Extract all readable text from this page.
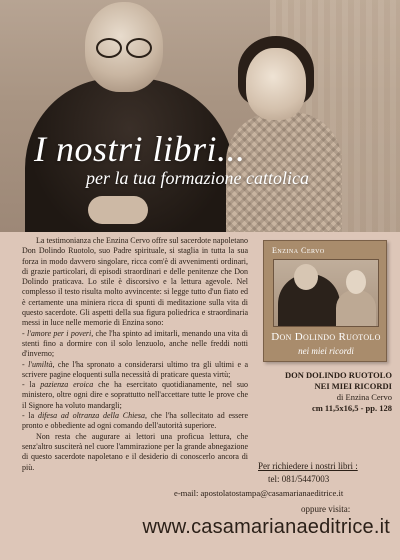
I nostri libri...
per la tua formazione cattolica

La testimonianza che Enzina Cervo offre sul sacerdote napoletano Don Dolindo Ruotolo, suo Padre spirituale, si staglia in tutta la sua forza in modo davvero singolare, ricca com'è di avvenimenti ordinari, di grazie particolari, di episodi straordinari e delle penitenze che Don Dolindo praticava. Lo stile è discorsivo e la lettura agevole. Nel complesso il testo risulta molto avvincente: si legge tutto d'un fiato ed è certamente una miniera ricca di spunti di meditazione sulla vita di questo sacerdote. Gli aspetti della sua figura poliedrica e straordinaria messi in luce nelle memorie di Enzina sono:

- l'amore per i poveri, che l'ha spinto ad imitarli, menando una vita di stenti fino a dormire con il solo lenzuolo, anche nelle freddi notti d'inverno;

- l'umiltà, che l'ha spronato a considerarsi ultimo tra gli ultimi e a scrivere pagine eloquenti sulla necessità di praticare questa virtù;

- la pazienza eroica che ha esercitato quotidianamente, nel suo ministero, oltre ogni dire e soprattutto nell'accettare tutte le prove che il Signore ha voluto mandargli;

- la difesa ad oltranza della Chiesa, che l'ha sollecitato ad essere pronto e obbediente ad ogni comando dell'autorità superiore.

Non resta che augurare ai lettori una proficua lettura, che senz'altro susciterà nel cuore l'ammirazione per la grande abnegazione di questo sacerdote napoletano e il desiderio di conoscerlo ancora di più.

Enzina Cervo
Don Dolindo Ruotolo
nei miei ricordi
DON DOLINDO RUOTOLO
NEI MIEI RICORDI
di Enzina Cervo
cm 11,5x16,5 - pp. 128
Per richiedere i nostri libri :
tel: 081/5447003
e-mail: apostolatostampa@casamarianaeditrice.it
oppure visita:
www.casamarianaeditrice.it
